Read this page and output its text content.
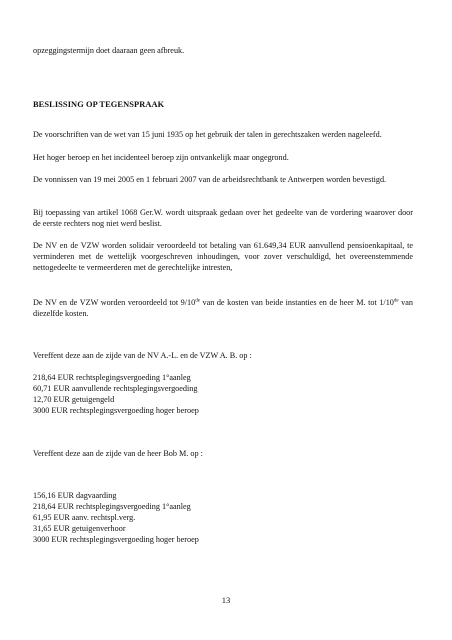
opzeggingstermijn doet daaraan geen afbreuk.

BESLISSING OP TEGENSPRAAK

De voorschriften van de wet van 15 juni 1935 op het gebruik der talen in gerechtszaken werden nageleefd.

Het hoger beroep en het incidenteel beroep zijn ontvankelijk maar ongegrond.

De vonnissen van 19 mei 2005 en 1 februari 2007 van de arbeidsrechtbank te Antwerpen worden bevestigd.

Bij toepassing van artikel 1068 Ger.W. wordt uitspraak gedaan over het gedeelte van de vordering waarover door de eerste rechters nog niet werd beslist.

De NV en de VZW worden solidair veroordeeld tot betaling van 61.649,34 EUR aanvullend pensioenkapitaal, te verminderen met de wettelijk voorgeschreven inhoudingen, voor zover verschuldigd, het overeenstemmende nettogedeelte te vermeerderen met de gerechtelijke intresten,

De NV en de VZW worden veroordeeld tot 9/10de van de kosten van beide instanties en de heer M. tot 1/10de van diezelfde kosten.

Vereffent deze aan de zijde van de NV A.-L. en de VZW A. B. op :

218,64 EUR rechtsplegingsvergoeding 1°aanleg
60,71 EUR aanvullende rechtsplegingsvergoeding
12,70 EUR getuigengeld
3000 EUR rechtsplegingsvergoeding hoger beroep

Vereffent deze aan de zijde van de heer Bob M. op :

156,16 EUR dagvaarding
218,64 EUR rechtsplegingsvergoeding 1°aanleg
61,95 EUR aanv. rechtspl.verg.
31,65 EUR getuigenverhoor
3000 EUR rechtsplegingsvergoeding hoger beroep
13
